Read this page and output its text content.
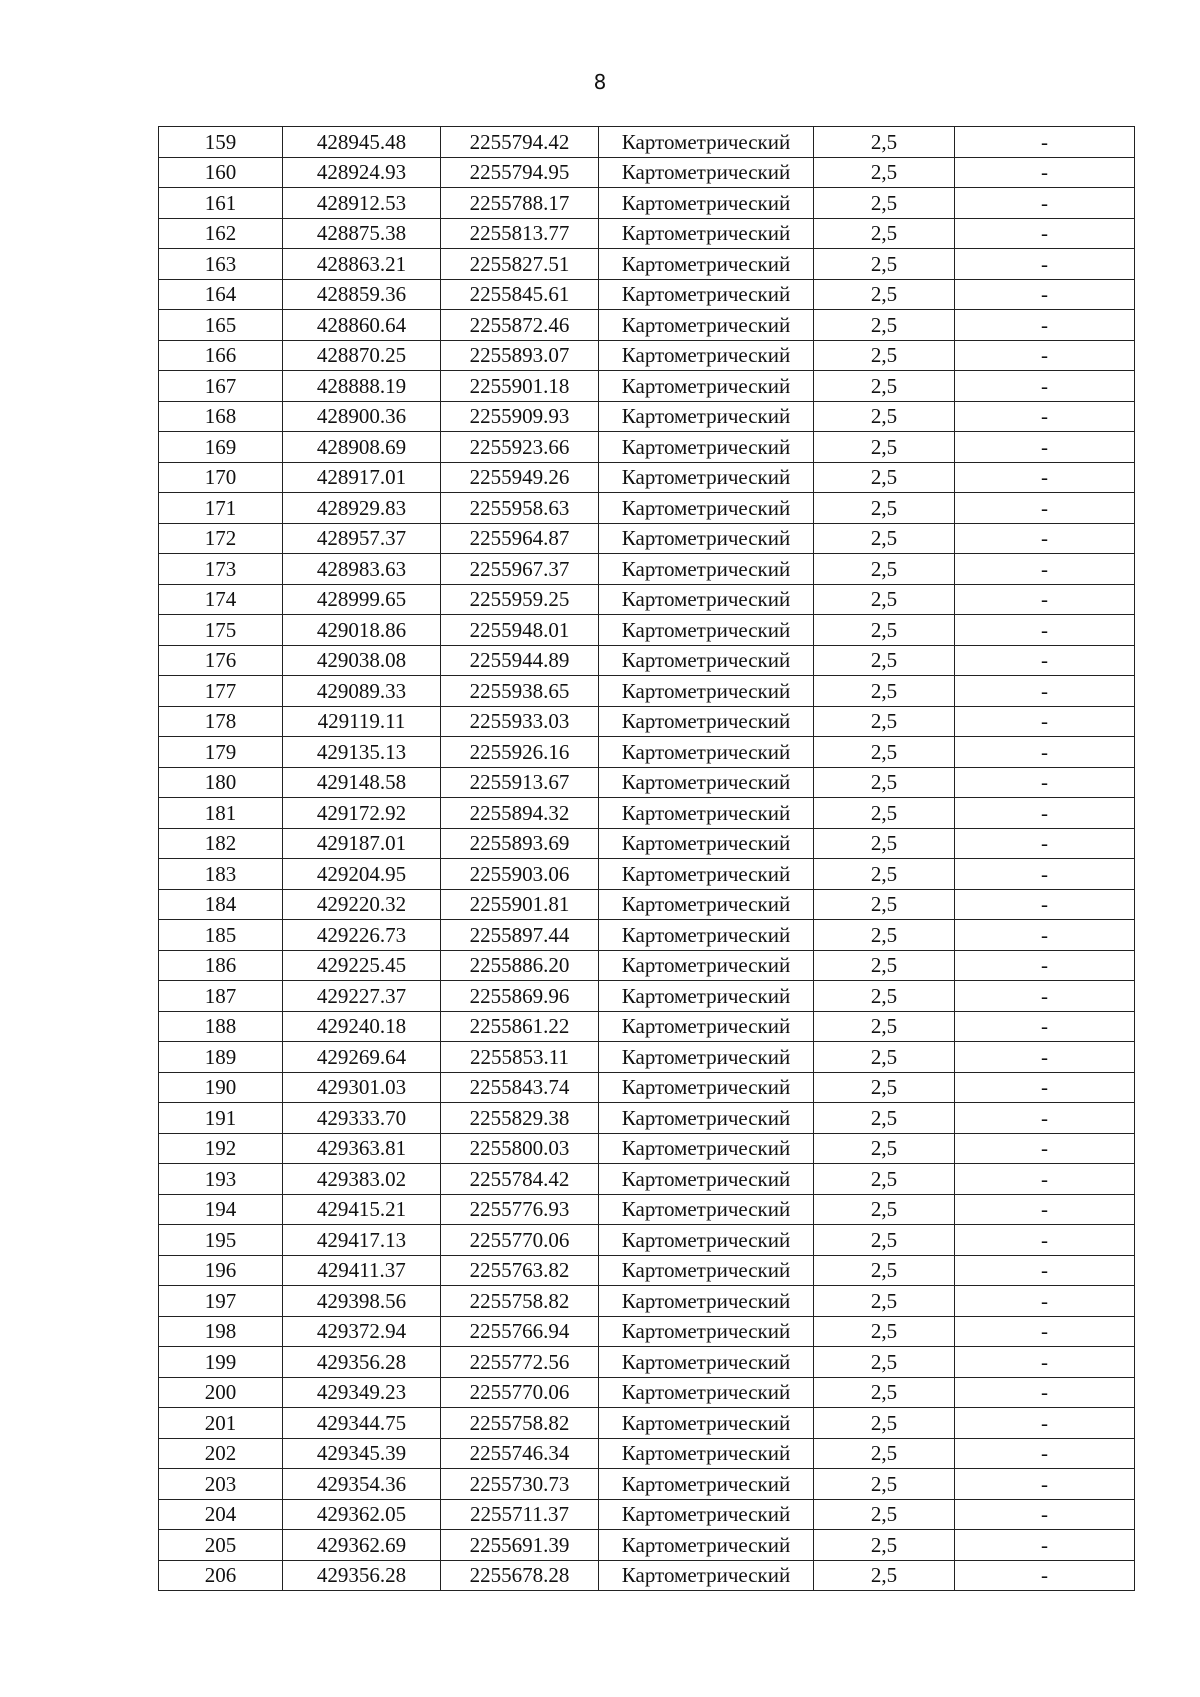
8
159	428945.48	2255794.42	Картометрический	2,5	-
160	428924.93	2255794.95	Картометрический	2,5	-
161	428912.53	2255788.17	Картометрический	2,5	-
162	428875.38	2255813.77	Картометрический	2,5	-
163	428863.21	2255827.51	Картометрический	2,5	-
164	428859.36	2255845.61	Картометрический	2,5	-
165	428860.64	2255872.46	Картометрический	2,5	-
166	428870.25	2255893.07	Картометрический	2,5	-
167	428888.19	2255901.18	Картометрический	2,5	-
168	428900.36	2255909.93	Картометрический	2,5	-
169	428908.69	2255923.66	Картометрический	2,5	-
170	428917.01	2255949.26	Картометрический	2,5	-
171	428929.83	2255958.63	Картометрический	2,5	-
172	428957.37	2255964.87	Картометрический	2,5	-
173	428983.63	2255967.37	Картометрический	2,5	-
174	428999.65	2255959.25	Картометрический	2,5	-
175	429018.86	2255948.01	Картометрический	2,5	-
176	429038.08	2255944.89	Картометрический	2,5	-
177	429089.33	2255938.65	Картометрический	2,5	-
178	429119.11	2255933.03	Картометрический	2,5	-
179	429135.13	2255926.16	Картометрический	2,5	-
180	429148.58	2255913.67	Картометрический	2,5	-
181	429172.92	2255894.32	Картометрический	2,5	-
182	429187.01	2255893.69	Картометрический	2,5	-
183	429204.95	2255903.06	Картометрический	2,5	-
184	429220.32	2255901.81	Картометрический	2,5	-
185	429226.73	2255897.44	Картометрический	2,5	-
186	429225.45	2255886.20	Картометрический	2,5	-
187	429227.37	2255869.96	Картометрический	2,5	-
188	429240.18	2255861.22	Картометрический	2,5	-
189	429269.64	2255853.11	Картометрический	2,5	-
190	429301.03	2255843.74	Картометрический	2,5	-
191	429333.70	2255829.38	Картометрический	2,5	-
192	429363.81	2255800.03	Картометрический	2,5	-
193	429383.02	2255784.42	Картометрический	2,5	-
194	429415.21	2255776.93	Картометрический	2,5	-
195	429417.13	2255770.06	Картометрический	2,5	-
196	429411.37	2255763.82	Картометрический	2,5	-
197	429398.56	2255758.82	Картометрический	2,5	-
198	429372.94	2255766.94	Картометрический	2,5	-
199	429356.28	2255772.56	Картометрический	2,5	-
200	429349.23	2255770.06	Картометрический	2,5	-
201	429344.75	2255758.82	Картометрический	2,5	-
202	429345.39	2255746.34	Картометрический	2,5	-
203	429354.36	2255730.73	Картометрический	2,5	-
204	429362.05	2255711.37	Картометрический	2,5	-
205	429362.69	2255691.39	Картометрический	2,5	-
206	429356.28	2255678.28	Картометрический	2,5	-
